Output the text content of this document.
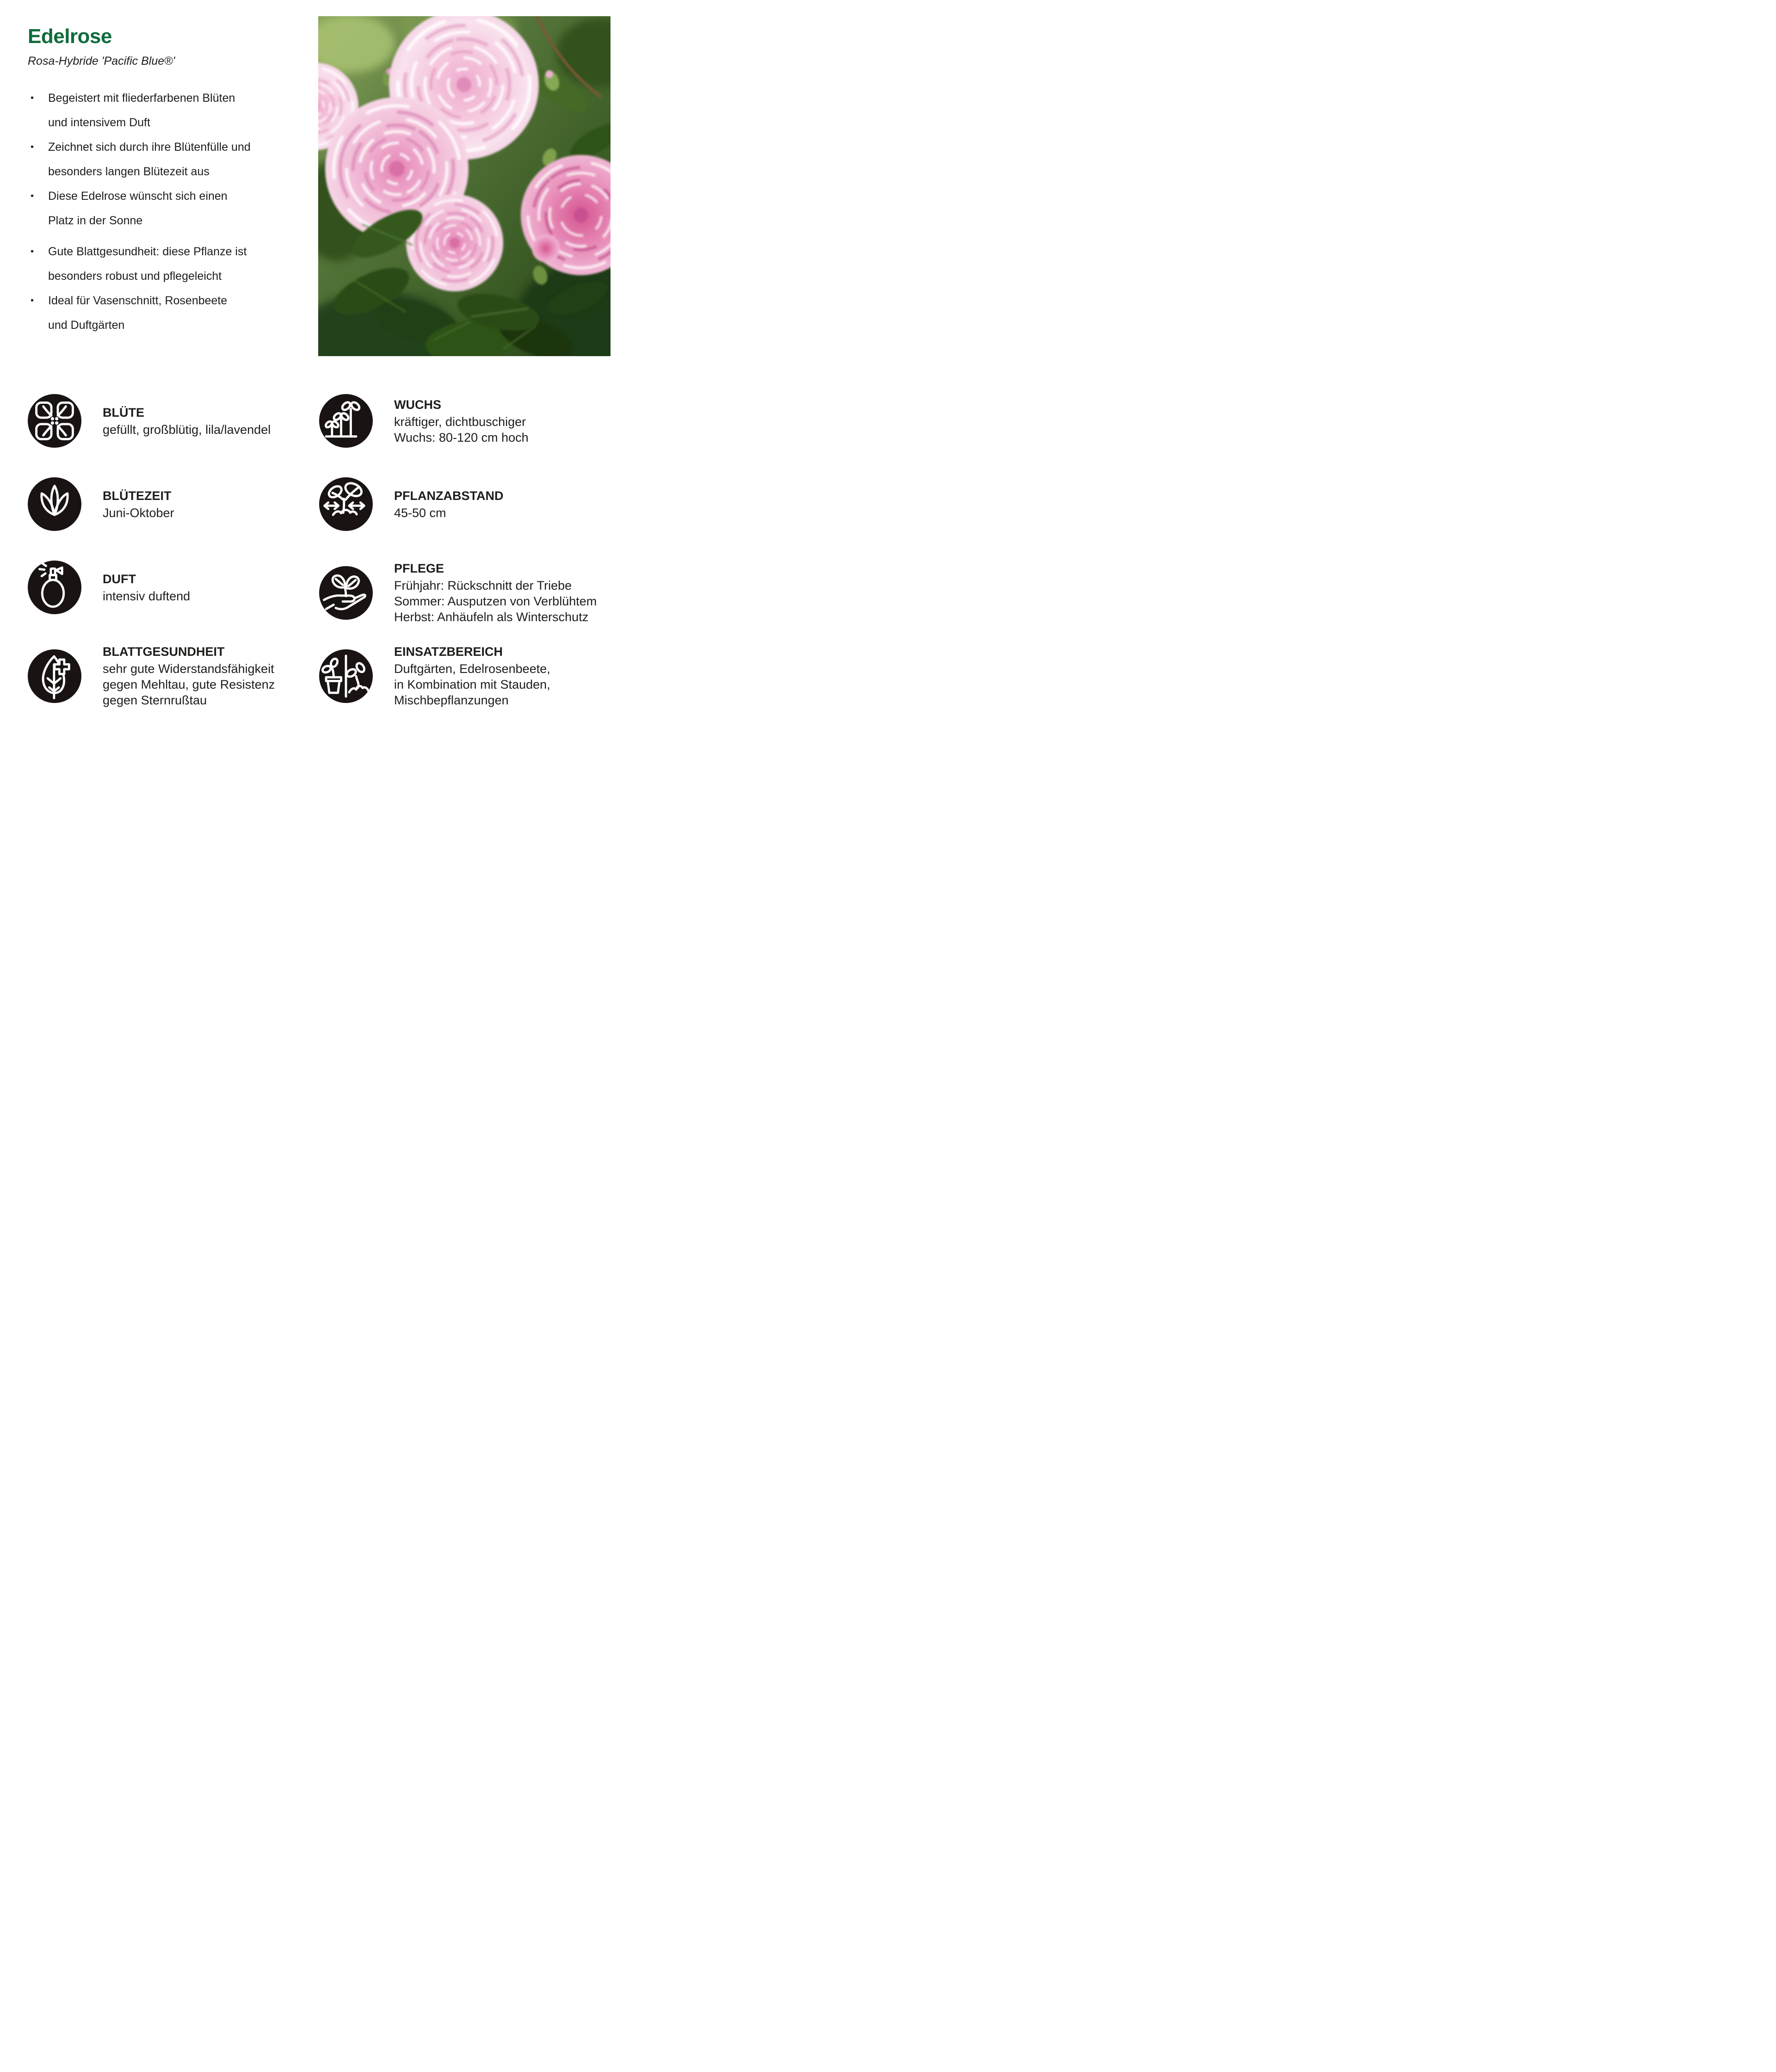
Edelrose
Rosa-Hybride 'Pacific Blue®'
• Begeistert mit fliederfarbenen Blüten
und intensivem Duft
• Zeichnet sich durch ihre Blütenfülle und
besonders langen Blütezeit aus
• Diese Edelrose wünscht sich einen
Platz in der Sonne
• Gute Blattgesundheit: diese Pflanze ist
besonders robust und pflegeleicht
• Ideal für Vasenschnitt, Rosenbeete
und Duftgärten
BLÜTE
gefüllt, großblütig, lila/lavendel
WUCHS
kräftiger, dichtbuschiger
Wuchs: 80-120 cm hoch
BLÜTEZEIT
Juni-Oktober
PFLANZABSTAND
45-50 cm
DUFT
intensiv duftend
PFLEGE
Frühjahr: Rückschnitt der Triebe
Sommer: Ausputzen von Verblühtem
Herbst: Anhäufeln als Winterschutz
BLATTGESUNDHEIT
sehr gute Widerstandsfähigkeit
gegen Mehltau, gute Resistenz
gegen Sternrußtau
EINSATZBEREICH
Duftgärten, Edelrosenbeete,
in Kombination mit Stauden,
Mischbepflanzungen
